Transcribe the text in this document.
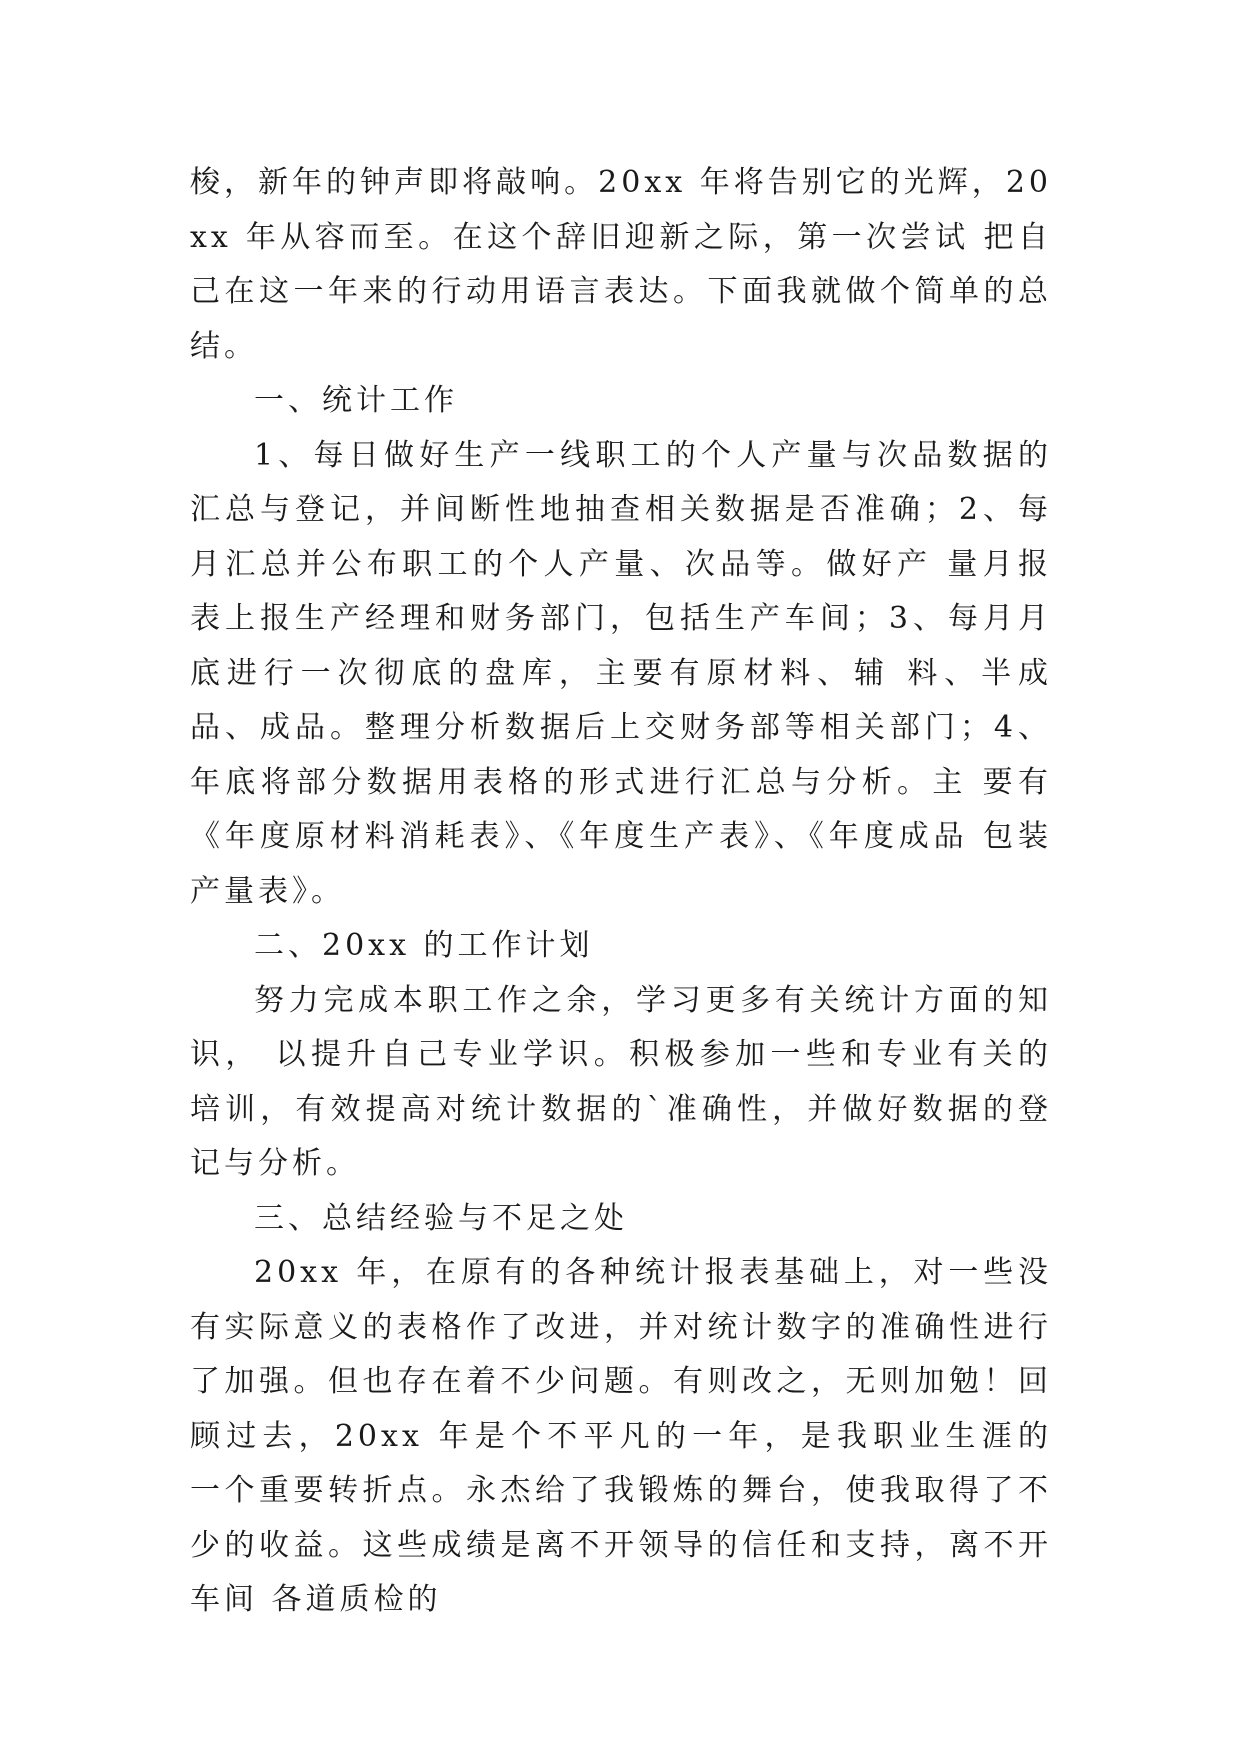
梭，新年的钟声即将敲响。20xx 年将告别它的光辉，20xx 年从容而至。在这个辞旧迎新之际，第一次尝试 把自己在这一年来的行动用语言表达。下面我就做个简单的总结。

一、统计工作

1、每日做好生产一线职工的个人产量与次品数据的汇总与登记，并间断性地抽查相关数据是否准确；2、每月汇总并公布职工的个人产量、次品等。做好产 量月报表上报生产经理和财务部门，包括生产车间；3、每月月底进行一次彻底的盘库，主要有原材料、辅 料、半成品、成品。整理分析数据后上交财务部等相关部门；4、年底将部分数据用表格的形式进行汇总与分析。主 要有《年度原材料消耗表》、《年度生产表》、《年度成品 包装产量表》。

二、20xx 的工作计划

努力完成本职工作之余，学习更多有关统计方面的知识， 以提升自己专业学识。积极参加一些和专业有关的培训，有效提高对统计数据的`准确性，并做好数据的登记与分析。

三、总结经验与不足之处

20xx 年，在原有的各种统计报表基础上，对一些没有实际意义的表格作了改进，并对统计数字的准确性进行了加强。但也存在着不少问题。有则改之，无则加勉！回顾过去，20xx 年是个不平凡的一年，是我职业生涯的 一个重要转折点。永杰给了我锻炼的舞台，使我取得了不少的收益。这些成绩是离不开领导的信任和支持，离不开车间 各道质检的
